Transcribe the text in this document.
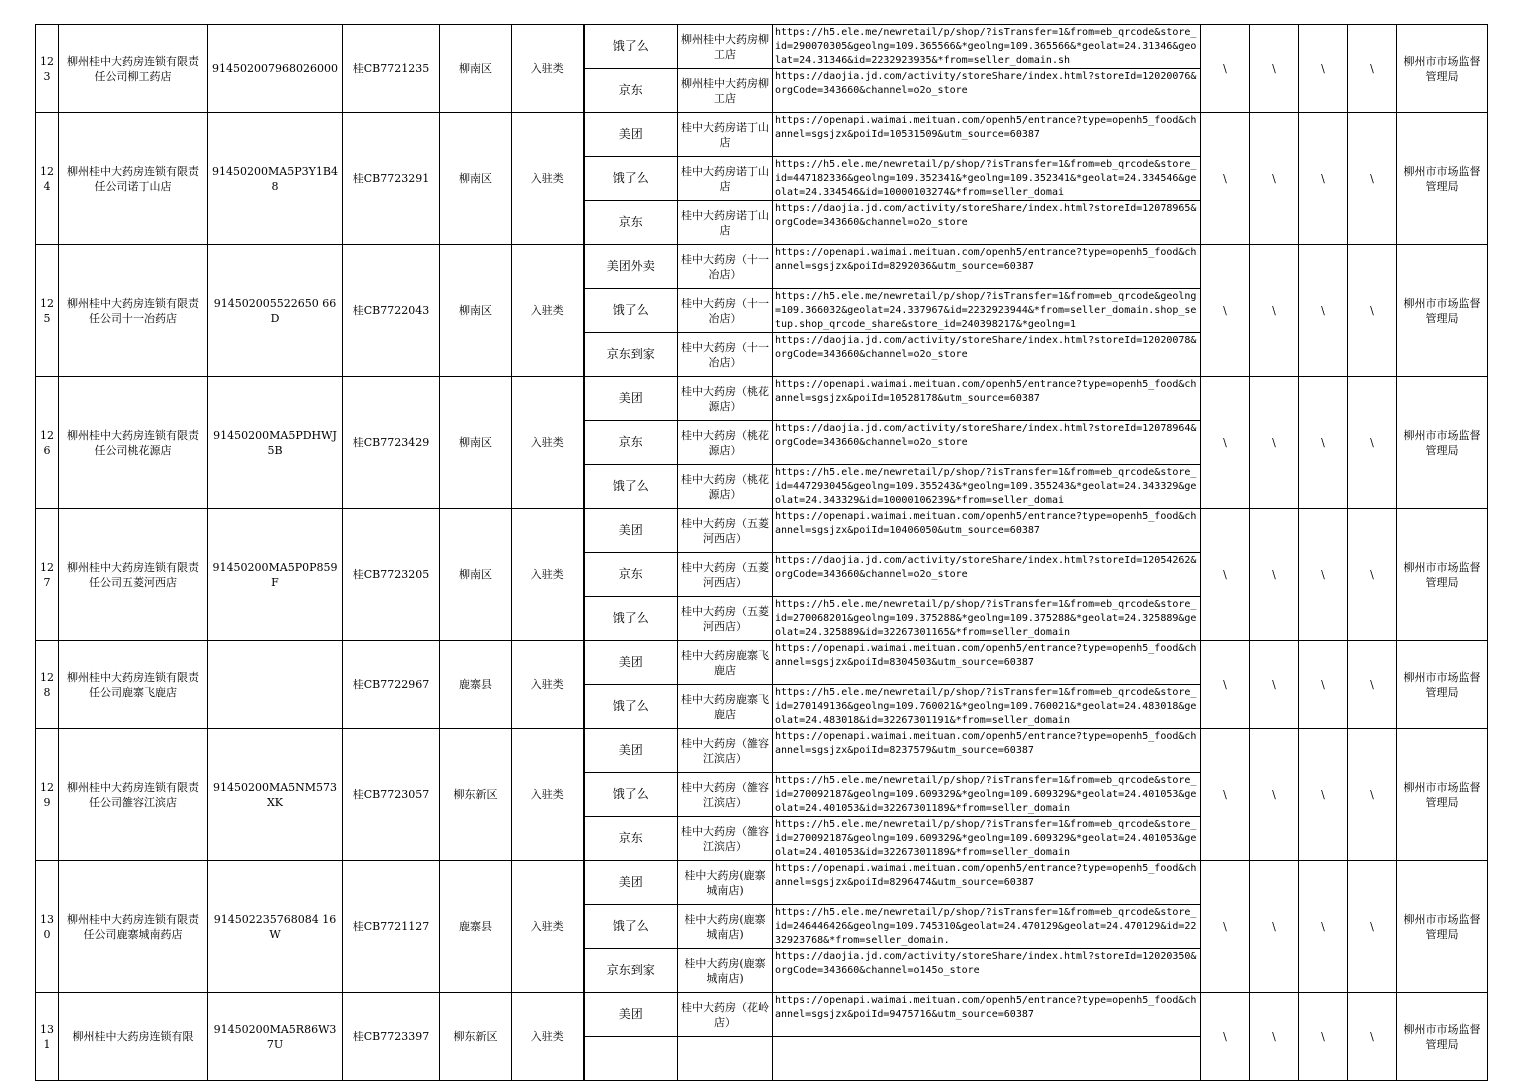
123	柳州桂中大药房连锁有限责任公司柳工药店	914502007968026000	桂CB7721235	柳南区	入驻类	饿了么	柳州桂中大药房柳工店	https://h5.ele.me/newretail/p/shop/?isTransfer=1&from=eb_qrcode&store_id=290070305&geolng=109.365566&*geolng=109.365566&*geolat=24.31346&geolat=24.31346&id=2232923935&*from=seller_domain.sh	\	\	\	\	柳州市市场监督管理局
						京东	柳州桂中大药房柳工店	https://daojia.jd.com/activity/storeShare/index.html?storeId=12020076&orgCode=343660&channel=o2o_store					

124	柳州桂中大药房连锁有限责任公司诺丁山店	91450200MA5P3Y1B48	桂CB7723291	柳南区	入驻类	美团	桂中大药房诺丁山店	https://openapi.waimai.meituan.com/openh5/entrance?type=openh5_food&channel=sgsjzx&poiId=10531509&utm_source=60387	\	\	\	\	柳州市市场监督管理局
						饿了么	桂中大药房诺丁山店	https://h5.ele.me/newretail/p/shop/?isTransfer=1&from=eb_qrcode&store_id=447182336&geolng=109.352341&*geolng=109.352341&*geolat=24.334546&geolat=24.334546&id=10000103274&*from=seller_domai					

						京东	桂中大药房诺丁山店	https://daojia.jd.com/activity/storeShare/index.html?storeId=12078965&orgCode=343660&channel=o2o_store					

125	柳州桂中大药房连锁有限责任公司十一冶药店	914502005522650 66D	桂CB7722043	柳南区	入驻类	美团外卖	桂中大药房（十一冶店）	https://openapi.waimai.meituan.com/openh5/entrance?type=openh5_food&channel=sgsjzx&poiId=8292036&utm_source=60387	\	\	\	\	柳州市市场监督管理局
						饿了么	桂中大药房（十一冶店）	https://h5.ele.me/newretail/p/shop/?isTransfer=1&from=eb_qrcode&geolng=109.366032&geolat=24.337967&id=2232923944&*from=seller_domain.shop_setup.shop_qrcode_share&store_id=240398217&*geolng=1					

						京东到家	桂中大药房（十一冶店）	https://daojia.jd.com/activity/storeShare/index.html?storeId=12020078&orgCode=343660&channel=o2o_store					

126	柳州桂中大药房连锁有限责任公司桃花源店	91450200MA5PDHWJ5B	桂CB7723429	柳南区	入驻类	美团	桂中大药房（桃花源店）	https://openapi.waimai.meituan.com/openh5/entrance?type=openh5_food&channel=sgsjzx&poiId=10528178&utm_source=60387	\	\	\	\	柳州市市场监督管理局
						京东	桂中大药房（桃花源店）	https://daojia.jd.com/activity/storeShare/index.html?storeId=12078964&orgCode=343660&channel=o2o_store					

						饿了么	桂中大药房（桃花源店）	https://h5.ele.me/newretail/p/shop/?isTransfer=1&from=eb_qrcode&store_id=447293045&geolng=109.355243&*geolng=109.355243&*geolat=24.343329&geolat=24.343329&id=10000106239&*from=seller_domai					

127	柳州桂中大药房连锁有限责任公司五菱河西店	91450200MA5P0P859F	桂CB7723205	柳南区	入驻类	美团	桂中大药房（五菱河西店）	https://openapi.waimai.meituan.com/openh5/entrance?type=openh5_food&channel=sgsjzx&poiId=10406050&utm_source=60387	\	\	\	\	柳州市市场监督管理局
						京东	桂中大药房（五菱河西店）	https://daojia.jd.com/activity/storeShare/index.html?storeId=12054262&orgCode=343660&channel=o2o_store					

						饿了么	桂中大药房（五菱河西店）	https://h5.ele.me/newretail/p/shop/?isTransfer=1&from=eb_qrcode&store_id=270068201&geolng=109.375288&*geolng=109.375288&*geolat=24.325889&geolat=24.325889&id=32267301165&*from=seller_domain					

128	柳州桂中大药房连锁有限责任公司鹿寨飞鹿店		桂CB7722967	鹿寨县	入驻类	美团	桂中大药房鹿寨飞鹿店	https://openapi.waimai.meituan.com/openh5/entrance?type=openh5_food&channel=sgsjzx&poiId=8304503&utm_source=60387	\	\	\	\	柳州市市场监督管理局
						饿了么	桂中大药房鹿寨飞鹿店	https://h5.ele.me/newretail/p/shop/?isTransfer=1&from=eb_qrcode&store_id=270149136&geolng=109.760021&*geolng=109.760021&*geolat=24.483018&geolat=24.483018&id=32267301191&*from=seller_domain					

129	柳州桂中大药房连锁有限责任公司雒容江滨店	91450200MA5NM573XK	桂CB7723057	柳东新区	入驻类	美团	桂中大药房（雒容江滨店）	https://openapi.waimai.meituan.com/openh5/entrance?type=openh5_food&channel=sgsjzx&poiId=8237579&utm_source=60387	\	\	\	\	柳州市市场监督管理局
						饿了么	桂中大药房（雒容江滨店）	https://h5.ele.me/newretail/p/shop/?isTransfer=1&from=eb_qrcode&store_id=270092187&geolng=109.609329&*geolng=109.609329&*geolat=24.401053&geolat=24.401053&id=32267301189&*from=seller_domain					

						京东	桂中大药房（雒容江滨店）	https://h5.ele.me/newretail/p/shop/?isTransfer=1&from=eb_qrcode&store_id=270092187&geolng=109.609329&*geolng=109.609329&*geolat=24.401053&geolat=24.401053&id=32267301189&*from=seller_domain					

130	柳州桂中大药房连锁有限责任公司鹿寨城南药店	914502235768084 16W	桂CB7721127	鹿寨县	入驻类	美团	桂中大药房(鹿寨城南店)	https://openapi.waimai.meituan.com/openh5/entrance?type=openh5_food&channel=sgsjzx&poiId=8296474&utm_source=60387	\	\	\	\	柳州市市场监督管理局
						饿了么	桂中大药房(鹿寨城南店)	https://h5.ele.me/newretail/p/shop/?isTransfer=1&from=eb_qrcode&store_id=246446426&geolng=109.745310&geolat=24.470129&geolat=24.470129&id=2232923768&*from=seller_domain.					

						京东到家	桂中大药房(鹿寨城南店)	https://daojia.jd.com/activity/storeShare/index.html?storeId=12020350&orgCode=343660&channel=o145o_store					

131	柳州桂中大药房连锁有限	91450200MA5R86W37U	桂CB7723397	柳东新区	入驻类	美团	桂中大药房（花岭店）	https://openapi.waimai.meituan.com/openh5/entrance?type=openh5_food&channel=sgsjzx&poiId=9475716&utm_source=60387	\	\	\	\	柳州市市场监督管理局
